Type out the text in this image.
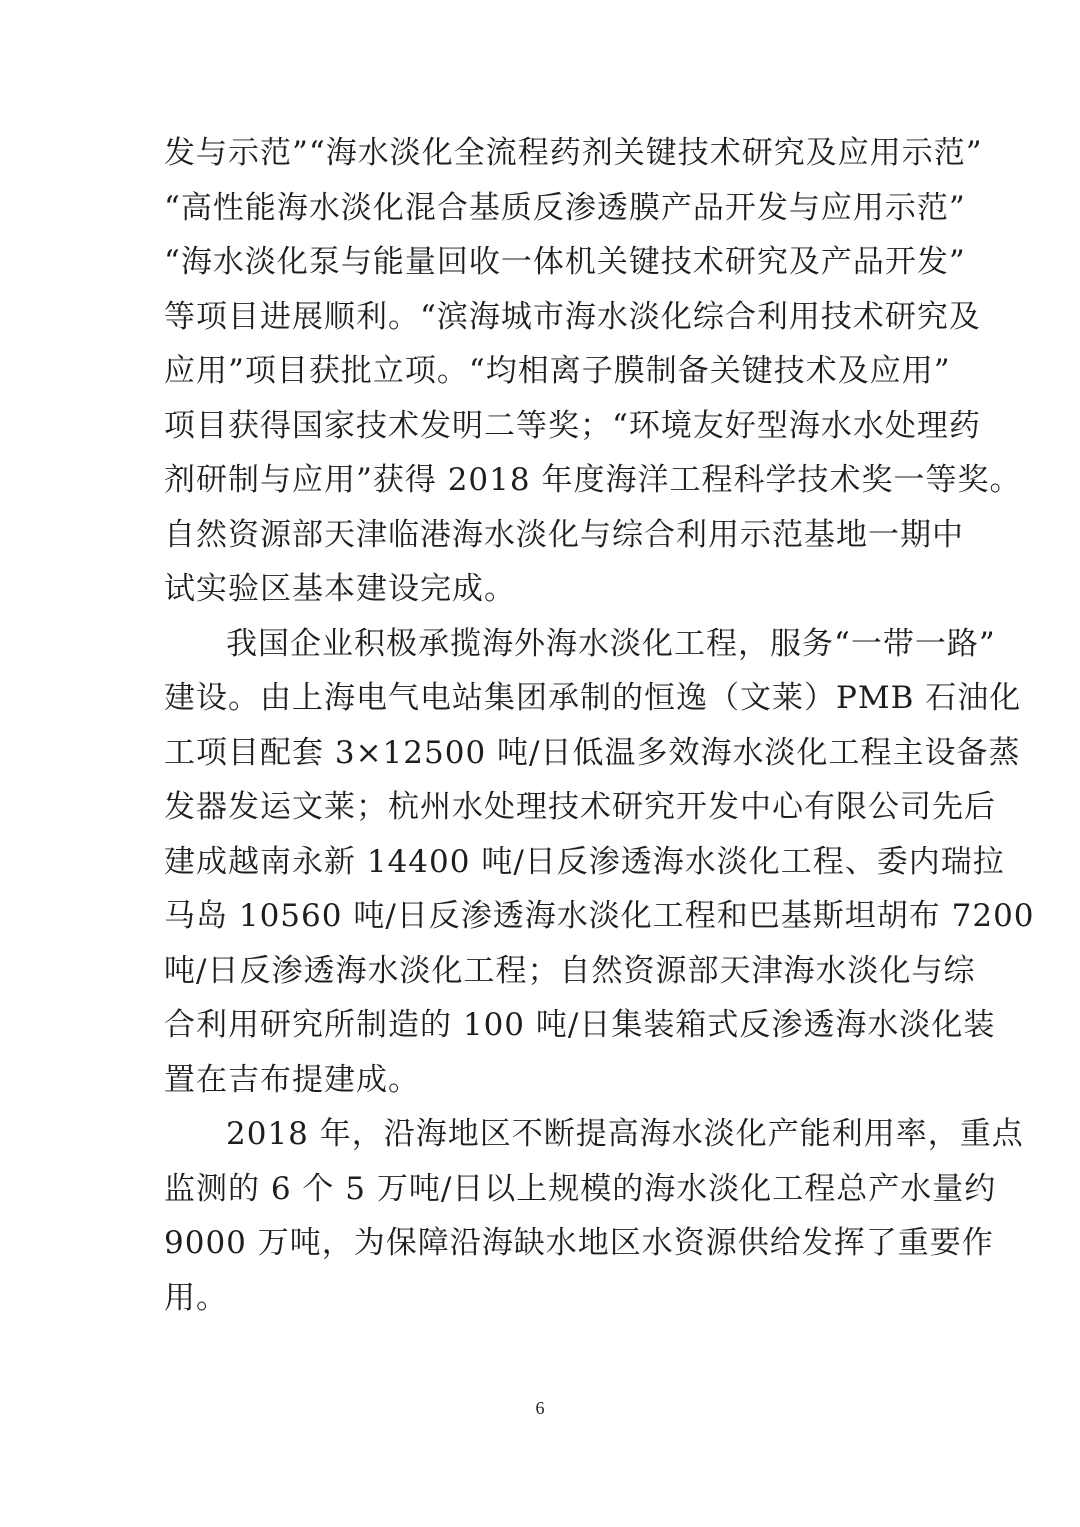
发与示范”“海水淡化全流程药剂关键技术研究及应用示范”
“高性能海水淡化混合基质反渗透膜产品开发与应用示范”
“海水淡化泵与能量回收一体机关键技术研究及产品开发”
等项目进展顺利。“滨海城市海水淡化综合利用技术研究及
应用”项目获批立项。“均相离子膜制备关键技术及应用”
项目获得国家技术发明二等奖；“环境友好型海水水处理药
剂研制与应用”获得 2018 年度海洋工程科学技术奖一等奖。
自然资源部天津临港海水淡化与综合利用示范基地一期中
试实验区基本建设完成。
我国企业积极承揽海外海水淡化工程，服务“一带一路”
建设。由上海电气电站集团承制的恒逸（文莱）PMB 石油化
工项目配套 3×12500 吨/日低温多效海水淡化工程主设备蒸
发器发运文莱；杭州水处理技术研究开发中心有限公司先后
建成越南永新 14400 吨/日反渗透海水淡化工程、委内瑞拉
马岛 10560 吨/日反渗透海水淡化工程和巴基斯坦胡布 7200
吨/日反渗透海水淡化工程；自然资源部天津海水淡化与综
合利用研究所制造的 100 吨/日集装箱式反渗透海水淡化装
置在吉布提建成。
2018 年，沿海地区不断提高海水淡化产能利用率，重点
监测的 6 个 5 万吨/日以上规模的海水淡化工程总产水量约
9000 万吨，为保障沿海缺水地区水资源供给发挥了重要作
用。
6
